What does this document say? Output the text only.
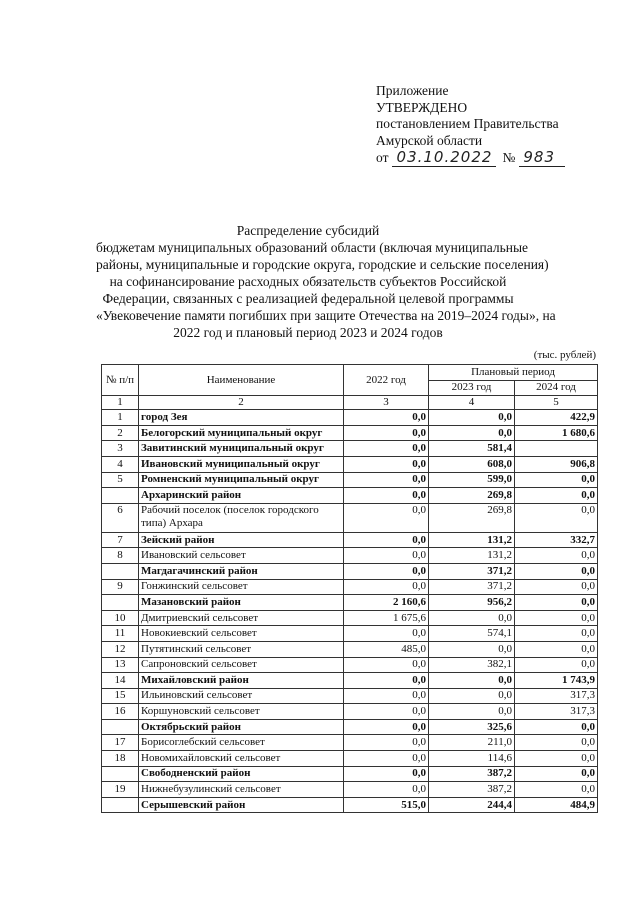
Приложение
УТВЕРЖДЕНО
постановлением Правительства
Амурской области
от 03.10.2022 № 983
Распределение субсидий
бюджетам муниципальных образований области (включая муниципальные
районы, муниципальные и городские округа, городские и сельские поселения)
на софинансирование расходных обязательств субъектов Российской
Федерации, связанных с реализацией федеральной целевой программы
«Увековечение памяти погибших при защите Отечества на 2019–2024 годы», на
2022 год и плановый период 2023 и 2024 годов
(тыс. рублей)
№ п/п	Наименование	2022 год	Плановый период	
			2023 год	2024 год
1	2	3	4	5
1	город Зея	0,0	0,0	422,9
2	Белогорский муниципальный округ	0,0	0,0	1 680,6
3	Завитинский муниципальный округ	0,0	581,4	
4	Ивановский муниципальный округ	0,0	608,0	906,8
5	Ромненский муниципальный округ	0,0	599,0	0,0
	Архаринский район	0,0	269,8	0,0
6	Рабочий поселок (поселок городского типа) Архара	0,0	269,8	0,0
7	Зейский район	0,0	131,2	332,7
8	Ивановский сельсовет	0,0	131,2	0,0
	Магдагачинский район	0,0	371,2	0,0
9	Гонжинский сельсовет	0,0	371,2	0,0
	Мазановский район	2 160,6	956,2	0,0
10	Дмитриевский сельсовет	1 675,6	0,0	0,0
11	Новокиевский сельсовет	0,0	574,1	0,0
12	Путятинский сельсовет	485,0	0,0	0,0
13	Сапроновский сельсовет	0,0	382,1	0,0
14	Михайловский район	0,0	0,0	1 743,9
15	Ильиновский сельсовет	0,0	0,0	317,3
16	Коршуновский сельсовет	0,0	0,0	317,3
	Октябрьский район	0,0	325,6	0,0
17	Борисоглебский сельсовет	0,0	211,0	0,0
18	Новомихайловский сельсовет	0,0	114,6	0,0
	Свободненский район	0,0	387,2	0,0
19	Нижнебузулинский сельсовет	0,0	387,2	0,0
	Серышевский район	515,0	244,4	484,9
